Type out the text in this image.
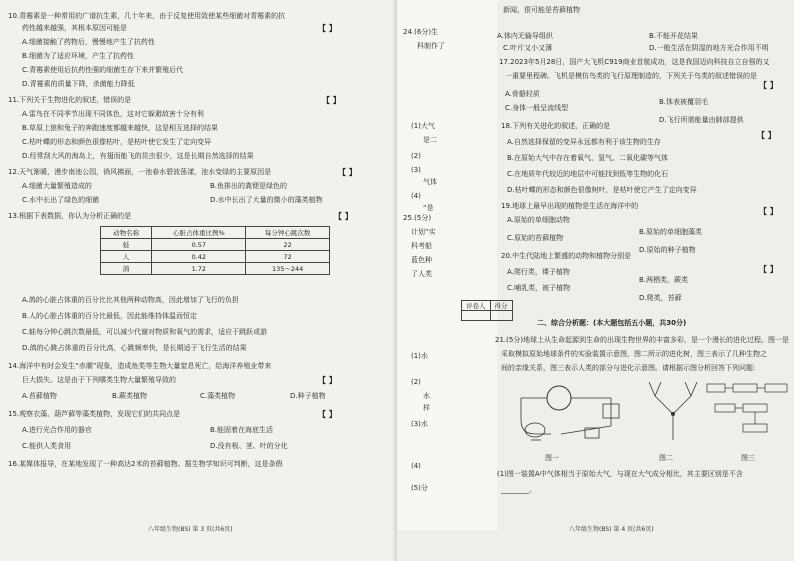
10.青霉素是一种常用的广谱抗生素，几十年来，由于反复使用致使某些细菌对青霉素的抗
药性越来越强，其根本原因可能是	【 】
A.细菌接触了药物后，慢慢地产生了抗药性
B.细菌为了适应环境，产生了抗药性
C.青霉素使用后抗药性强的细菌生存下来并繁殖后代
D.青霉素的质量下降，杀菌能力降低
11.下列关于生物进化的叙述，错误的是	【 】
A.雷鸟在不同季节出现不同体色，这对它躲避敌害十分有利
B.草原上狼和兔子的奔跑速度都越来越快，这是相互选择的结果
C.枯叶蝶的形态和颜色很像枯叶，是枯叶使它发生了定向变异
D.经常刮大风的海岛上，有翅而能飞的昆虫很少，这是长期自然选择的结果
12.天气渐暖，漫步南池公园，徜风拂面，一池春水碧波荡漾，池水变绿的主要原因是	【 】
A.细菌大量繁殖造成的	B.鱼排出的粪便是绿色的
C.水中长出了绿色的细菌	D.水中长出了大量的微小的藻类植物
13.根据下表数据，你认为分析正确的是	【 】
动物名称	心脏占体重比例%	每分钟心跳次数
蛙	0.57	22
人	0.42	72
鸽	1.72	135～244
A.鸽的心脏占体重的百分比比其他两种动物高，因此增加了飞行的负担
B.人的心脏占体重的百分比最低，因此能维持体温而恒定
C.蛙每分钟心跳次数最低，可以减少代谢对物质和氧气的需求，适应于跳跃或游
D.鸽的心跳占体重的百分比高，心跳频率快，是长期适于飞行生活的结果
14.海洋中有时会发生“赤潮”现象，造成鱼类等生物大量窒息死亡，给海洋养殖业带来
巨大损失。这是由于下列哪类生物大量繁殖导致的	【 】
A.苔藓植物	B.蕨类植物	C.藻类植物	D.种子植物
15.观察衣藻、葫芦藓等藻类植物，发现它们的共同点是	【 】
A.进行光合作用的器官	B.能固着在海底生活
C.能供人类食用	D.没有根、茎、叶的分化
16.某媒体报导，在某地发现了一种高达2米的苔藓植物。据生物学知识可判断，这是条假
八年级生物(BS) 第 3 页(共6页)
24.(6分)生
科制作了
(1)大气
是二
(2)
(3)
气体
(4)
“是
25.(5分)
计划“实
科考船
蓝色种
了人类
(1)水
(2)
水
样
(3)水
(4)
(5)分
新闻，很可能是苔藓植物
A.体内无输导组织	B.不能开花结果
C.叶片又小又薄	D.一般生活在阴湿的地方光合作用不明
17.2023年5月28日，国产大飞机C919商业首航成功，这是我国迈向科技自立自强的又
一重要里程碑。飞机是模仿鸟类的飞行原理制造的，下列关于鸟类的叙述错误的是
【 】
A.骨骼轻质
B.体表被覆羽毛
C.身体一般呈流线型
D.飞行所需能量由肺部提供
18.下列有关进化的叙述，正确的是
【 】
A.自然选择保留的变异永远都有利于该生物的生存
B.在原始大气中存在着氧气、氢气、二氧化碳等气体
C.在地质年代较近的地层中可能找到低等生物的化石
D.枯叶蝶的形态和颜色很像树叶，是枯叶使它产生了定向变异
19.地球上最早出现的植物是生活在海洋中的
【 】
A.原始的单细胞动物
B.原始的单细胞藻类
C.原始的苔藓植物
D.原始的种子植物
20.中生代陆地上繁盛的动物和植物分别是
【 】
A.爬行类，裸子植物
B.两栖类，蕨类
C.哺乳类，被子植物
D.爬类，苔藓
评卷人	得分

二、综合分析题：(本大题包括五小题，共30分)
21.(5分)地球上从生命起源到生命的出现生物世界的丰富多彩，是一个漫长的进化过程。图一是
采取模拟原始地球条件的实验装置示意图，图二所示的进化树，图三表示了几种生物之
间的亲缘关系，图三表示人类的部分与进化示意图。请根据示图分析回答下列问题：
图一	图二	图三
(1)图一装置A中气体相当于原始大气，与现在大气成分相比，其主要区别是不含
________。
八年级生物(BS) 第 4 页(共6页)
